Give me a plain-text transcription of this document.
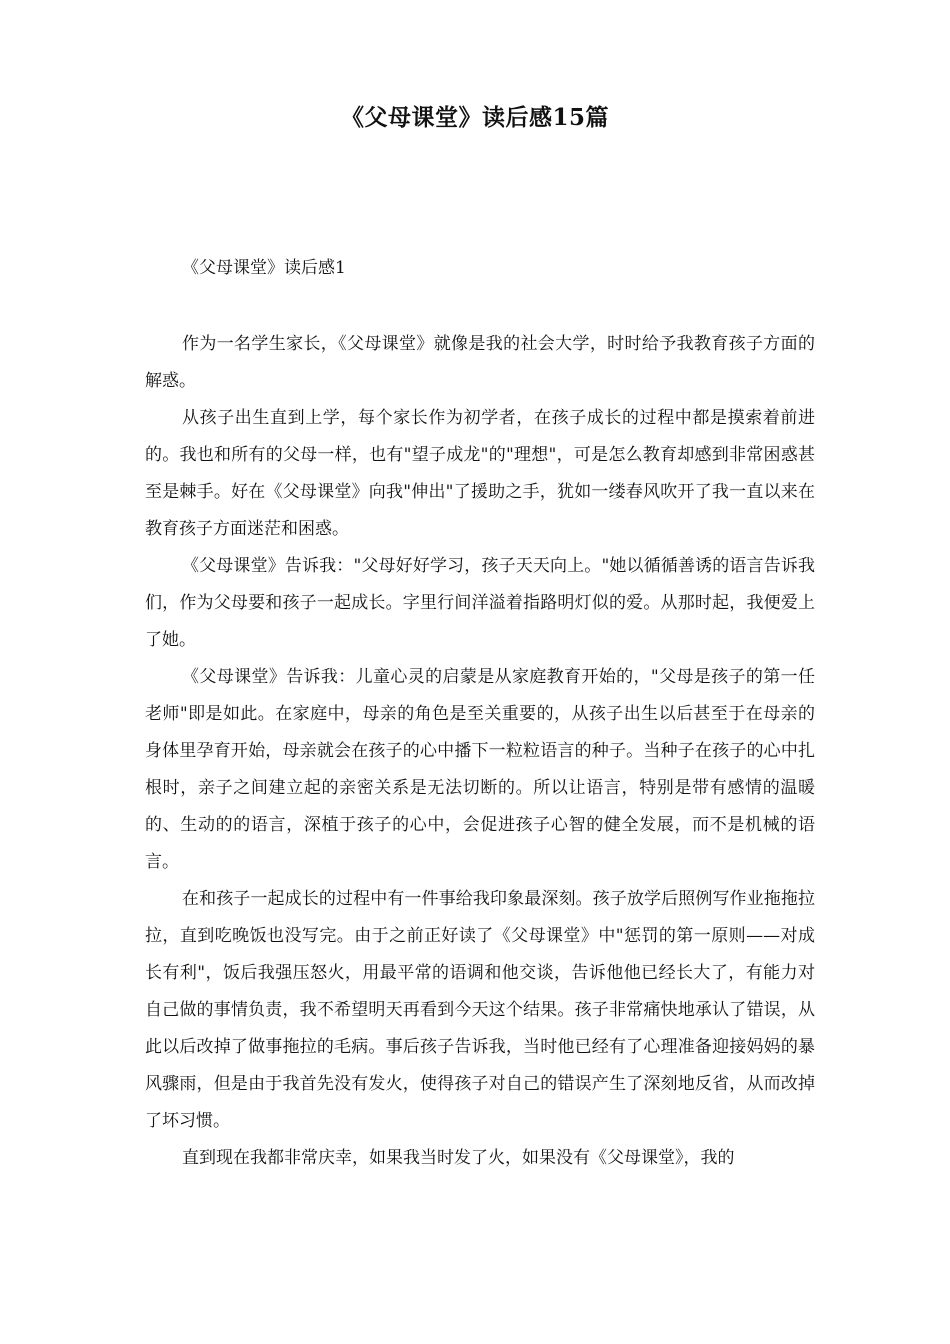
《父母课堂》读后感15篇

《父母课堂》读后感1

作为一名学生家长，《父母课堂》就像是我的社会大学，时时给予我教育孩子方面的解惑。

从孩子出生直到上学，每个家长作为初学者，在孩子成长的过程中都是摸索着前进的。我也和所有的父母一样，也有"望子成龙"的"理想"，可是怎么教育却感到非常困惑甚至是棘手。好在《父母课堂》向我"伸出"了援助之手，犹如一缕春风吹开了我一直以来在教育孩子方面迷茫和困惑。

《父母课堂》告诉我："父母好好学习，孩子天天向上。"她以循循善诱的语言告诉我们，作为父母要和孩子一起成长。字里行间洋溢着指路明灯似的爱。从那时起，我便爱上了她。

《父母课堂》告诉我：儿童心灵的启蒙是从家庭教育开始的，"父母是孩子的第一任老师"即是如此。在家庭中，母亲的角色是至关重要的，从孩子出生以后甚至于在母亲的身体里孕育开始，母亲就会在孩子的心中播下一粒粒语言的种子。当种子在孩子的心中扎根时，亲子之间建立起的亲密关系是无法切断的。所以让语言，特别是带有感情的温暖的、生动的的语言，深植于孩子的心中，会促进孩子心智的健全发展，而不是机械的语言。

在和孩子一起成长的过程中有一件事给我印象最深刻。孩子放学后照例写作业拖拖拉拉，直到吃晚饭也没写完。由于之前正好读了《父母课堂》中"惩罚的第一原则——对成长有利"，饭后我强压怒火，用最平常的语调和他交谈，告诉他他已经长大了，有能力对自己做的事情负责，我不希望明天再看到今天这个结果。孩子非常痛快地承认了错误，从此以后改掉了做事拖拉的毛病。事后孩子告诉我，当时他已经有了心理准备迎接妈妈的暴风骤雨，但是由于我首先没有发火，使得孩子对自己的错误产生了深刻地反省，从而改掉了坏习惯。

直到现在我都非常庆幸，如果我当时发了火，如果没有《父母课堂》，我的
